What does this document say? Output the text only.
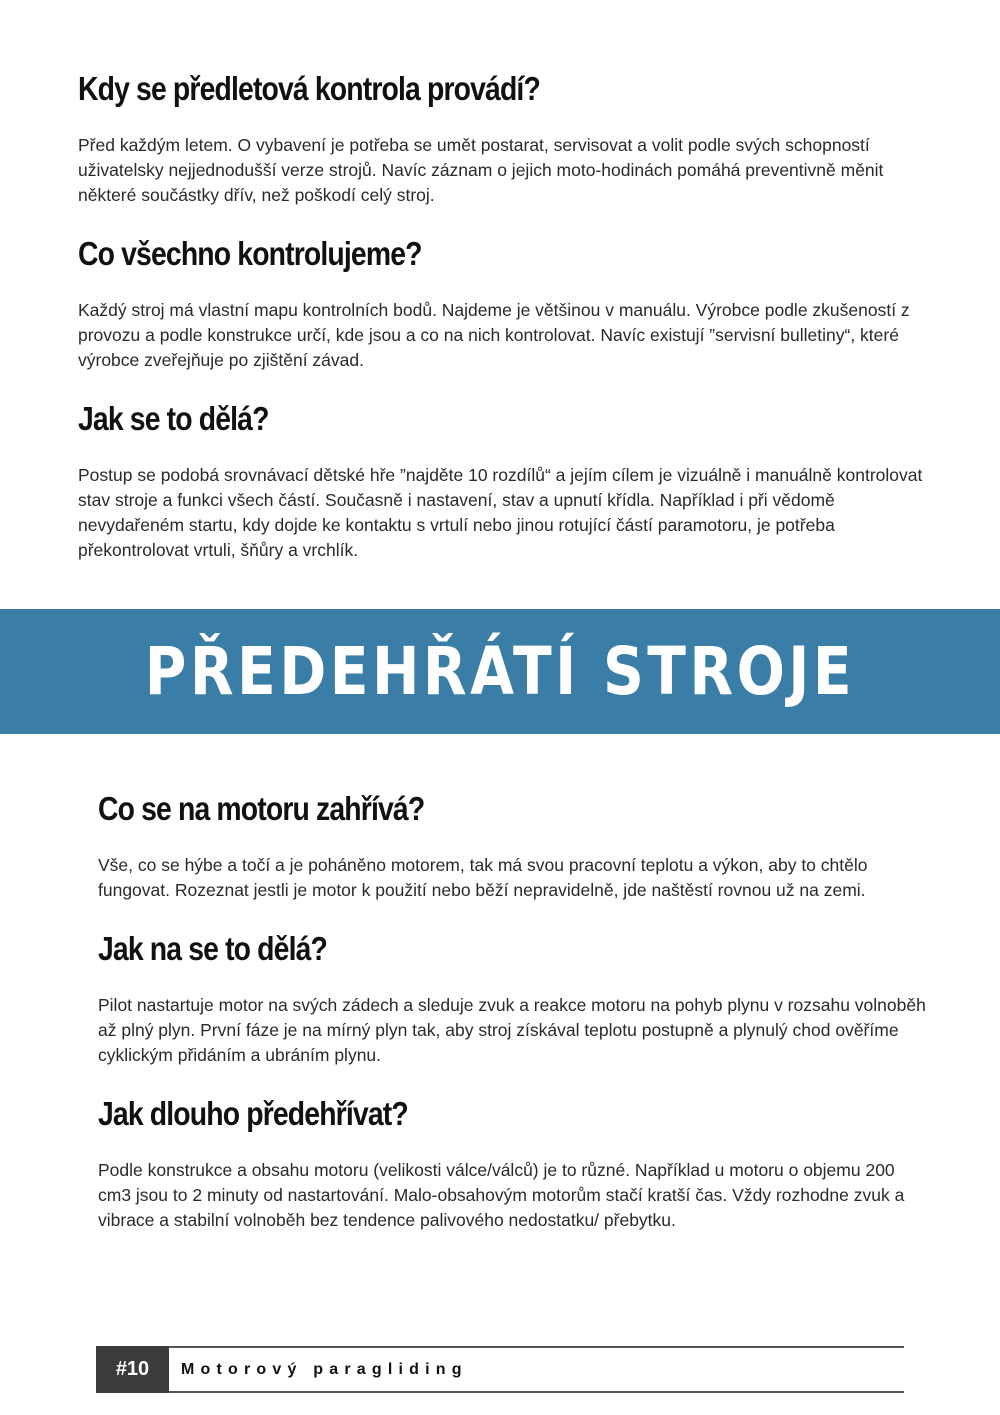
Kdy se předletová kontrola provádí?

Před každým letem. O vybavení je potřeba se umět postarat, servisovat a volit podle svých schopností uživatelsky nejjednodušší verze strojů. Navíc záznam o jejich moto-hodinách pomáhá preventivně měnit některé součástky dřív, než poškodí celý stroj.

Co všechno kontrolujeme?

Každý stroj má vlastní mapu kontrolních bodů. Najdeme je většinou v manuálu. Výrobce podle zkušeností z provozu a podle konstrukce určí, kde jsou a co na nich kontrolovat. Navíc existují ”servisní bulletiny“, které výrobce zveřejňuje po zjištění závad.

Jak se to dělá?

Postup se podobá srovnávací dětské hře ”najděte 10 rozdílů“ a jejím cílem je vizuálně i manuálně kontrolovat stav stroje a funkci všech částí. Současně i nastavení, stav a upnutí křídla. Například i při vědomě nevydařeném startu, kdy dojde ke kontaktu s vrtulí nebo jinou rotující částí paramotoru, je potřeba překontrolovat vrtuli, šňůry a vrchlík.

PŘEDEHŘÁTÍ STROJE
Co se na motoru zahřívá?

Vše, co se hýbe a točí a je poháněno motorem, tak má svou pracovní teplotu a výkon, aby to chtělo fungovat. Rozeznat jestli je motor k použití nebo běží nepravidelně, jde naštěstí rovnou už na zemi.

Jak na se to dělá?

Pilot nastartuje motor na svých zádech a sleduje zvuk a reakce motoru na pohyb plynu v rozsahu volnoběh až plný plyn. První fáze je na mírný plyn tak, aby stroj získával teplotu postupně a plynulý chod ověříme cyklickým přidáním a ubráním plynu.

Jak dlouho předehřívat?

Podle konstrukce a obsahu motoru (velikosti válce/válců) je to různé. Například u motoru o objemu 200 cm3 jsou to 2 minuty od nastartování. Malo-obsahovým motorům stačí kratší čas. Vždy rozhodne zvuk a vibrace a stabilní volnoběh bez tendence palivového nedostatku/ přebytku.

#10	Motorový paragliding
